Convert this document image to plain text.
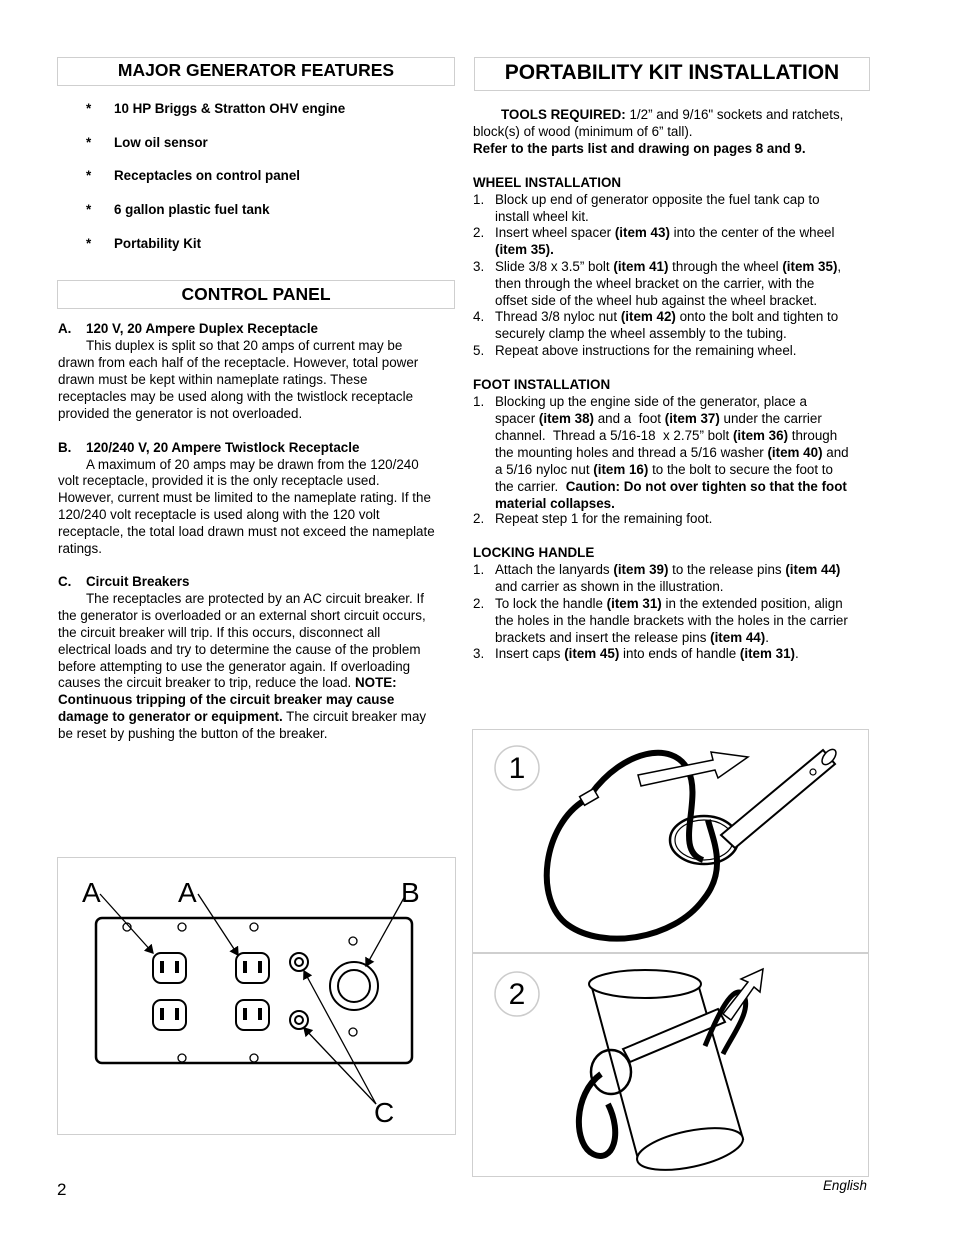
MAJOR GENERATOR FEATURES
* 10 HP Briggs & Stratton OHV engine
* Low oil sensor
* Receptacles on control panel
* 6 gallon plastic fuel tank
* Portability Kit
CONTROL PANEL
A. 120 V, 20 Ampere Duplex Receptacle
This duplex is split so that 20 amps of current may be
drawn from each half of the receptacle. However, total power
drawn must be kept within nameplate ratings. These
receptacles may be used along with the twistlock receptacle
provided the generator is not overloaded.
B. 120/240 V, 20 Ampere Twistlock Receptacle
A maximum of 20 amps may be drawn from the 120/240
volt receptacle, provided it is the only receptacle used.
However, current must be limited to the nameplate rating. If the
120/240 volt receptacle is used along with the 120 volt
receptacle, the total load drawn must not exceed the nameplate
ratings.
C. Circuit Breakers
The receptacles are protected by an AC circuit breaker. If
the generator is overloaded or an external short circuit occurs,
the circuit breaker will trip. If this occurs, disconnect all
electrical loads and try to determine the cause of the problem
before attempting to use the generator again. If overloading
causes the circuit breaker to trip, reduce the load. NOTE:
Continuous tripping of the circuit breaker may cause
damage to generator or equipment. The circuit breaker may
be reset by pushing the button of the breaker.
A	A	B
C
PORTABILITY KIT INSTALLATION
TOOLS REQUIRED: 1/2” and 9/16" sockets and ratchets,
block(s) of wood (minimum of 6” tall).
Refer to the parts list and drawing on pages 8 and 9.
WHEEL INSTALLATION
1. Block up end of generator opposite the fuel tank cap to
install wheel kit.
2. Insert wheel spacer (item 43) into the center of the wheel
(item 35).
3. Slide 3/8 x 3.5” bolt (item 41) through the wheel (item 35),
then through the wheel bracket on the carrier, with the
offset side of the wheel hub against the wheel bracket.
4. Thread 3/8 nyloc nut (item 42) onto the bolt and tighten to
securely clamp the wheel assembly to the tubing.
5. Repeat above instructions for the remaining wheel.
FOOT INSTALLATION
1. Blocking up the engine side of the generator, place a
spacer (item 38) and a  foot (item 37) under the carrier
channel.  Thread a 5/16-18  x 2.75” bolt (item 36) through
the mounting holes and thread a 5/16 washer (item 40) and
a 5/16 nyloc nut (item 16) to the bolt to secure the foot to
the carrier.  Caution: Do not over tighten so that the foot
material collapses.
2. Repeat step 1 for the remaining foot.
LOCKING HANDLE
1. Attach the lanyards (item 39) to the release pins (item 44)
and carrier as shown in the illustration.
2. To lock the handle (item 31) in the extended position, align
the holes in the handle brackets with the holes in the carrier
brackets and insert the release pins (item 44).
3. Insert caps (item 45) into ends of handle (item 31).
1
2
2	English
